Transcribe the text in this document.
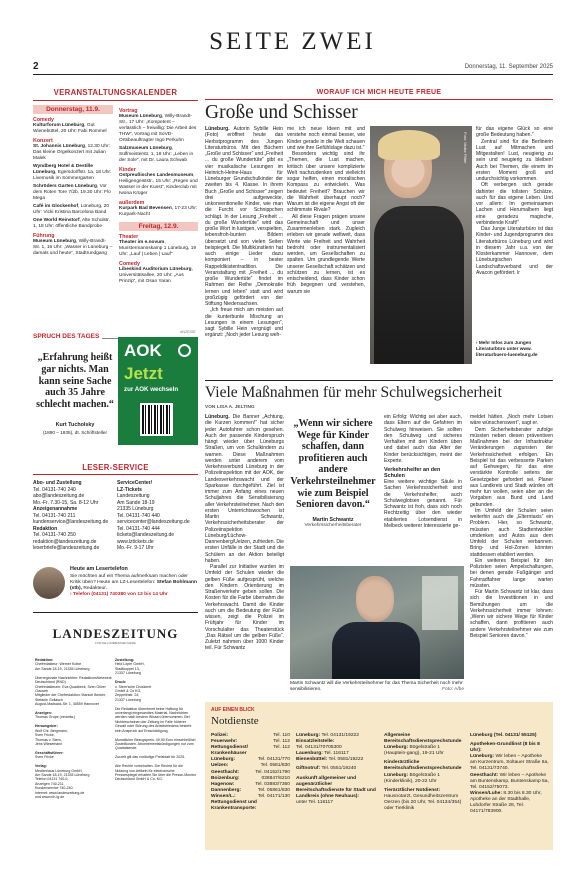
SEITE ZWEI
2	Donnerstag, 11. September 2025
VERANSTALTUNGSKALENDER
Donnerstag, 11.9.
Comedy
Kulturforum Lüneburg, Gut Wienebüttel, 20 Uhr: Fabi Rommel
Konzert
St. Johannis Lüneburg, 12.30 Uhr: Das kleine Orgelkonzert mit Julian Malek
Wyndberg Hotel & Destille Lüneburg, Egersdorffstr. 1a, 18 Uhr: Livemusik im Sommergarten
Schröders Garten Lüneburg, Vor dem Roten Tore 7/2b, 19.30 Uhr: Flo Mega
Café im Glockenhof, Lüneburg, 20 Uhr: Vicki Kristina Barcelona Band
One World Reinstorf, Alte Schulstr. 1, 18 Uhr: öffentliche Bandprobe
Führung
Museum Lüneburg, Willy-Brandt-Str. 1, 16 Uhr: „Wasser in Lüneburg – damals und heute“, Stadtrundgang
Vortrag
Museum Lüneburg, Willy-Brandt-Str., 17 Uhr: „Kompetent – verlässlich – freiwillig: Die Arbeit des THW“, Vortrag mit SoVD-Ortsbeauftragter Ingo Perkuhn
Salzmuseum Lüneburg, Sülfmeisterstr. 1, 18 Uhr: „Leben in der Sole“, mit Dr. Laura Schwab
Kinder
Ostpreußisches Landesmuseum, Heiligengeiststr., 15 Uhr: „Regen und Wasser in der Kunst“, Kinderclub mit Iwona Krüger
außerdem
Kurpark Bad Bevensen, 17-23 Uhr: Kurpark-Nacht
Freitag, 12.9.
Theater
Theater im e.novum, Munstermannskamp 1 Lüneburg, 19 Uhr: „Lauf | Leben | Lauf“
Comedy
Libeskind Auditorium Lüneburg, Universitätsallee, 20 Uhr: „Aus Prinzip“, mit Osan Yaran
SPRUCH DES TAGES
„Erfahrung heißt gar nichts. Man kann seine Sache auch 35 Jahre schlecht machen.“
Kurt Tucholsky
(1890 – 1935), dt. Schriftsteller
ANZEIGE
AOK
Jetzt
zur AOK wechseln
LESER-SERVICE
Abo- und Zustellung
Tel. 04131-740 240
abo@landeszeitung.de
Mo.-Fr. 7.30-15, Sa. 8-12 Uhr
Anzeigenannahme
Tel. 04131-740 211
kundenservice@landeszeitung.de
Redaktion
Tel. 04131-740 250
redaktion@landeszeitung.de
leserbriefe@landeszeitung.de
ServiceCenter/
LZ-Tickets
Landeszeitung
Am Sande 18-19
21335 Lüneburg
Tel. 04131-740 440
servicecenter@landeszeitung.de
Tel. 04131-740 444
tickets@landeszeitung.de
www.lztickets.de
Mo.-Fr. 9-17 Uhr
Heute am Lesertelefon
Sie möchten auf ein Thema aufmerksam machen oder Kritik üben? Heute am LZ-Lesertelefon: Stefan Bohlmann (stb), Redakteur.
› Telefon (04131) 740380 von 13 bis 14 Uhr
LANDESZEITUNG
FÜR DIE LÜNEBURGER HEIDE
Redaktion:
Chefredakteur: Werner Kolbe
Am Sande 18-19, 21335 Lüneburg

Überregionale Nachrichten: RedaktionsNetzwerk Deutschland (RND)
Chefredakteurin: Eva Quadbeck, Sven Oliver Clausen
Mitglieder der Chefredaktion: Manuel Becker, Stefanie Gollasch
August-Madsack-Str. 1, 30559 Hannover

Anzeigen:
Thomas Grupe (verantw.)

Herausgeber:
Wolf Chr. Bergmann,
Sven Fricke,
Thomas v. Stern,
Jens Wiesemann

Geschäftsführer:
Sven Fricke

Verlag:
Medienhaus Lüneburg GmbH,
Am Sande 18-19, 21335 Lüneburg
Telefon 04131 740-0,
Anzeigen 740-211,
Kundenservice 740-240,
Internet: www.landeszeitung.de
und www.mh-lg.de
Zustellung:
Heid Löper GmbH,
Stadtkoppel 13,
21337 Lüneburg

Druck:
v. Stern'sche Druckerei
GmbH & Co KG,
Zeppelinstr. 24,
21337 Lüneburg

Die Redaktion übernimmt keine Haftung für unverlangt eingesandtes Material. Nachrichten werden nach bestem Wissen übernommen. Bei Nichterscheinen der Zeitung im Falle höherer Gewalt oder Störung des Arbeitsfriedens besteht kein Anspruch auf Entschädigung.

Monatlicher Bezugspreis: 49,90 Euro einschließlich Zustellkosten. Abonnementskündigungen nur zum Quartalsende.

Zurzeit gilt das vorläufige Preisblatt für 2025.

Alle Rechte vorbehalten. Die Rechte für die Nutzung von Artikeln für elektronische Pressespiegel erhalten Sie über die Presse-Monitor Deutschland GmbH & Co. KG.
WORAUF ICH MICH HEUTE FREUE
Große und Schisser

Lüneburg. Autorin Sybille Hein (Foto) eröffnet heute das Herbstprogramm des Jungen Literaturbüros. Mit den Büchern „Große und Schisser“ und „Freiheit ... du große Wundertüte“ gibt es vier musikalische Lesungen im Heinrich-Heine-Haus für Lüneburger Grundschulkinder der zweiten bis 4. Klasse. In ihrem Buch „Große und Schisser“ zeigen drei aufgeweckte, unkonventionelle Kinder, wie man die Furcht vor Schnippchen schlägt. In der Lesung „Freiheit ... du große Wundertüte“ wird das große Wort in lustigen, verspielten, lebensfroh-bunten Bildern übersetzt und von vielen Seiten beispiegelt. Die Multikünstlerin hat auch einige Lieder dazu komponiert – in bester Rappeldikistentradition. Die Veranstaltung mit „Freiheit ... du große Wundertüte“ findet im Rahmen der Reihe „Demokratie lernen und leben“ statt und wird großzügig gefördert von der Stiftung Niedersachsen.

„Ich freue mich am meisten auf die kunterbunte Mischung an Lesungen in einem Lesungen“, sagt Sybille Hein vergnügt und ergänzt: „Noch jeder Lesung weh-

me ich neue Ideen mit und verstehe noch einmal besser, wie Kinder gerade in die Welt schauen und wie ihre Gefühlslage dazu ist.“

Besonders wichtig sind ihr „Themen, die Lust machen, kritisch über unsere komplizierte Welt nachzudenken und vielleicht sogar helfen, einen moralischen Kompass zu entwickeln. Was bedeutet Freiheit? Brauchen wir die Wahrheit überhaupt noch? Warum ist die eigene Angst oft der schlimmste Rivale?

All diese Fragen prägen unsere Gemeinschaft und unser Zusammenleben stark. Zugleich erleben wir gerade weltweit, dass Werte wie Freiheit und Wahrheit bedroht oder instrumentalisiert werden, um Gesellschaften zu spalten. Um grundlegende Werte unserer Gesellschaft schätzen und schützen zu lernen, ist es entscheidend, dass Kinder schon früh begegnen und verstehen, warum sie

Foto: Maike Ritter

für das eigene Glück so eine große Bedeutung haben.“

Zentral sind für die Berlinerin Lust auf Mitmachen und Mitgestalten! Lust, neugierig zu sein und neugierig zu bleiben! Auch bei Themen, die einem im ersten Moment groß und undurchsichtig vorkommen.

Oft verbergen sich gerade dahinter die tollsten Schätze, auch für das eigene Leben. Und vor allem: Im gemeinsamen Lachen und Herumalbern liegt eine geradezu magische, verbindende Kraft!“

Das Junge Literaturbüro ist das Kinder- und Jugendprogramm des Literaturbüros Lüneburg und wird in diesem Jahr u.a. von der Klosterkammer Hannover, dem Lüneburgischen Landschaftsverband und der Avacon gefördert. lr

› Mehr Infos zum Jungen Literaturbüro unter www. literaturbuero-lueneburg.de
Viele Maßnahmen für mehr Schulwegsicherheit
VON LISA A. JELTING

Lüneburg. Die Banner „Achtung, die Kurzen kommen!“ hat sicher jeder Autofahrer schon gesehen. Auch der passende Kinderspruch hängt wieder über Lüneburgs Straßen, um von Schulkindern zu warnen. Diese Maßnahmen werden unter anderem vom Verkehrsverbund Lüneburg in der Polizeiinspektion mit der AOK, der Landesverkehrswacht und der Sparkasse durchgeführt. Ziel ist immer zum Anfang eines neuen Schuljahres die Sensibilisierung aller Verkehrsteilnehmer. Nach den ersten Unterrichtswochen ist Martin Schwantz, Verkehrssicherheitsberater der Polizeiinspektion Lüneburg/Lüchow-Dannenberg/Uelzen, zufrieden. Die ersten Unfälle in der Stadt und die Schülern an der Aktion beteiligt haben.

Parallel zur Initiative wurden im Umfeld der Schulen wieder die gelben Füße aufgesprüht, welche den Kindern Orientierung im Straßenverkehr geben sollen. Die Kosten für die Farbe übernahm die Verkehrswacht. Damit die Kinder auch um die Bedeutung der Füße wissen, zeigt die Polizei im Frühjahr für Kinder im Vorschulalter das Theaterstück „Das Rätsel um die gelben Füße“. Zuletzt nahmen über 1000 Kinder teil. Für Schwantz

„Wenn wir sichere Wege für Kinder schaffen, dann profitieren auch andere Verkehrsteilnehmer wie zum Beispiel Senioren davon.“
Martin Schwantz
Verkehrssicherheitsberater

ein Erfolg: Wichtig sei aber auch, dass Eltern auf die Gefahren im Schulweg hinweisen. Sie sollten den Schulweg und sicheres Verhalten mit den Kindern üben und dabei auch das Alter der Kinder berücksichtigen, meint der Experte.

Verkehrshelfer an den Schulen

Eine weitere wichtige Säule in Sachen Verkehrssicherheit sind die Verkehrshelfer, auch Schulweglotsen genannt. Für Schwantz ist froh, dass sich noch Rechtzeitig über den wieder etabliertes Lotsendienst in Melbeck weiterer Interessierte ge-

Martin Schwantz will die Verkehrsteilnehmer für das Thema Sicherheit noch mehr sensibilisieren.	Foto: A/be

meldet hätten. „Noch mehr Lotsen wäre wünschenswert“, sagt er.

Dem Sicherheitsberater zufolge müssten neben diesen präventiven Maßnahmen bei der Infrastruktur Veränderungen zugunsten der Verkehrssicherheit erfolgen. Ein Beispiel ist das verbesserte Parken auf Gehwegen, für das eine verstärkte Kontrolle seitens der Gesetzgeber gefordert sei. Planer aus Landkreis und Stadt würden oft mehr tun wollen, seien aber an die Vorgaben aus Bund und Land gebunden.

Im Umfeld der Schulen seien weiterhin auch die „Elterntaxis“ ein Problem. Hier, so Schwantz, müssten auch Stadtentwickler umdenken und Autos aus dem Umfeld der Schulen verbannen. Bring- und Hol-Zonen könnten stattdessen etabliert werden.

Ein weiteres Beispiel für den Polizisten seien Ampelschaltungen, bei denen gerade Fußgänger und Fahrradfahrer lange warten müssten.

Für Martin Schwantz ist klar, dass sich die Investitionen in und Bemühungen um die Verkehrssicherheit immer lohnen: „Wenn wir sichere Wege für Kinder schaffen, dann profitieren auch andere Verkehrsteilnehmer wie zum Beispiel Senioren davon.“

AUF EINEN BLICK
Notdienste
Polizei:	Tel. 110
Feuerwehr:	Tel. 112
Rettungsdienst/	Tel. 112
Krankenhäuser
Lüneburg:	Tel. 04131/770
Uelzen:	Tel. 0581/830
Geesthacht:	Tel. 04152/1790
Boizenburg:	038847/6210
Hagenow:	Tel. 03883/7360
Dannenberg:	Tel. 05861/830
Winsen/L.:	Tel. 04171/130
Rettungsdienst und
Krankentransporte:
Lüneburg: Tel. 04131/19222
Einsatzleitstelle:
Tel. 04131/70705300
Lauenburg: Tel. 116117
Bienenbüttel: Tel. 0581/19222
Giftnotruf: Tel. 0551/19240
Auskunft allgemeiner und augenärztlicher Bereitschaftsdienste für Stadt und Landkreis (ohne Neuhaus):
unter Tel. 116117
Allgemeine Bereitschaftsdienstsprechstunde Lüneburg: Bögelstraße 1 (Hauptein-gang), 19-21 Uhr
Kinderärztliche Bereitschaftsdienstsprechstunde Lüneburg: Bögelstraße 1 (Kinderklinik), 20-22 Uhr
Tierärztlicher Notdienst: Hausnotarzt, Gesundheitszentrum Oerzen (bis 20 Uhr, Tel. 04134/354) oder Tierklinik
Lüneburg (Tel. 04131/ 55125)
Apotheken-Grundlinst (8 bis 8 Uhr):
Lüneburg: Wir leben – Apotheke am Kurzentrum, Soltauer Straße 6a, Tel. 04131/73740.
Geesthacht: Wir leben – Apotheke am Buntenskamp, Buntenskamp 5a, Tel. 04152/75073.
Winsen/Luhe: 8.30 bis 8.30 Uhr, Apotheke an der Stadthalle, Luhdorfer Straße 28, Tel. 04171/783900.
